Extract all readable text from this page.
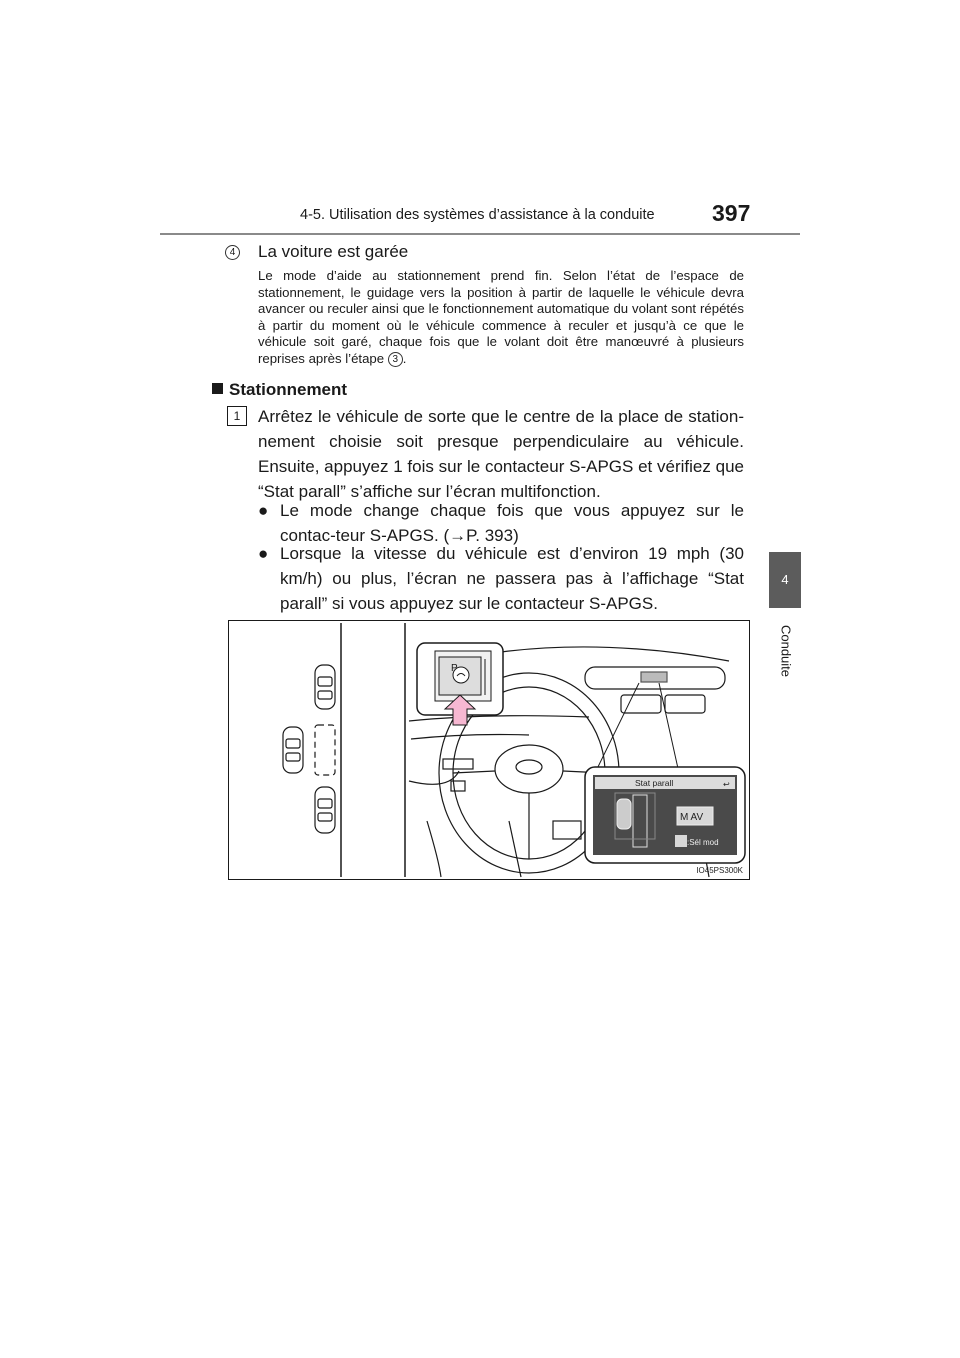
4-5. Utilisation des systèmes d’assistance à la conduite 397
4
Conduite
4 La voiture est garée
Le mode d’aide au stationnement prend fin. Selon l’état de l’espace de stationnement, le guidage vers la position à partir de laquelle le véhicule devra avancer ou reculer ainsi que le fonctionnement automatique du volant sont répétés à partir du moment où le véhicule commence à reculer et jusqu’à ce que le véhicule soit garé, chaque fois que le volant doit être manœuvré à plusieurs reprises après l’étape 3 .
Stationnement
1	Arrêtez le véhicule de sorte que le centre de la place de station-nement choisie soit presque perpendiculaire au véhicule. Ensuite, appuyez 1 fois sur le contacteur S-APGS et vérifiez que “Stat parall” s’affiche sur l’écran multifonction.
● Le mode change chaque fois que vous appuyez sur le contac-teur S-APGS. (→P. 393)
● Lorsque la vitesse du véhicule est d’environ 19 mph (30 km/h) ou plus, l’écran ne passera pas à l’affichage “Stat parall” si vous appuyez sur le contacteur S-APGS.
P
Stat parall	↩
M AV
:Sél mod
IO45PS300K
